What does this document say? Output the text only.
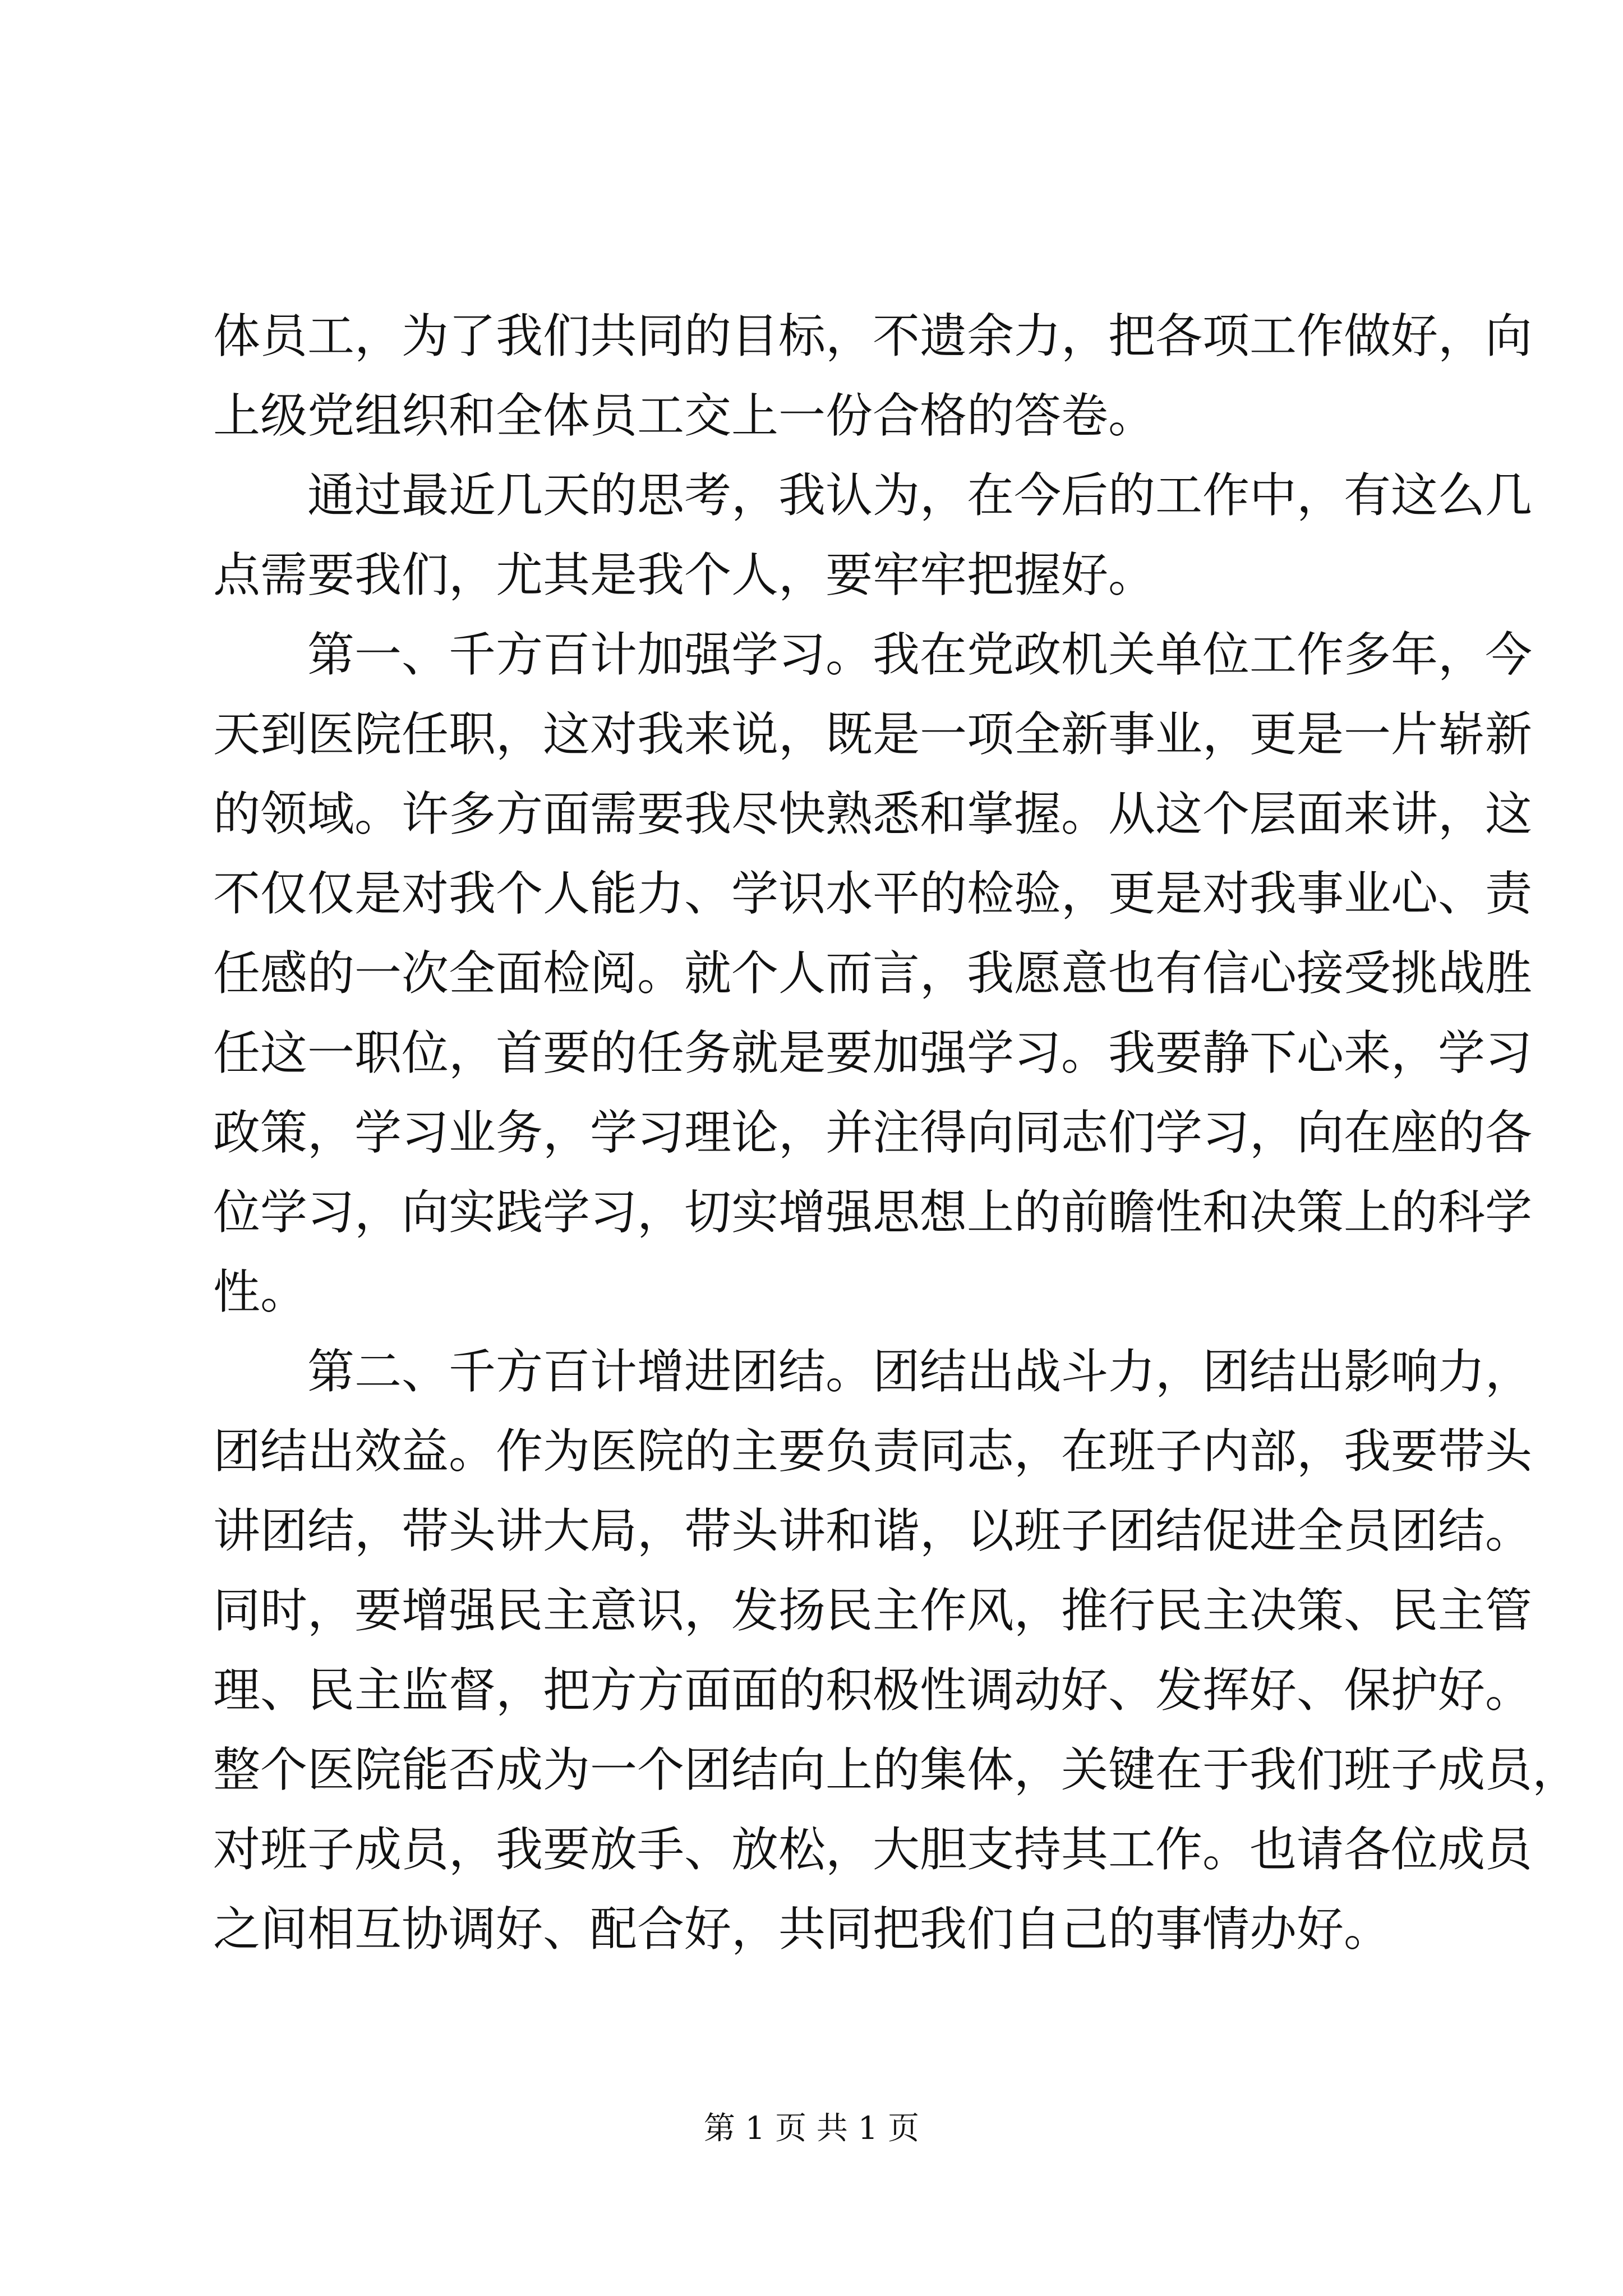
体员工，为了我们共同的目标，不遗余力，把各项工作做好，向
上级党组织和全体员工交上一份合格的答卷。
通过最近几天的思考，我认为，在今后的工作中，有这么几
点需要我们，尤其是我个人，要牢牢把握好。
第一、千方百计加强学习。我在党政机关单位工作多年，今
天到医院任职，这对我来说，既是一项全新事业，更是一片崭新
的领域。许多方面需要我尽快熟悉和掌握。从这个层面来讲，这
不仅仅是对我个人能力、学识水平的检验，更是对我事业心、责
任感的一次全面检阅。就个人而言，我愿意也有信心接受挑战胜
任这一职位，首要的任务就是要加强学习。我要静下心来，学习
政策，学习业务，学习理论，并注得向同志们学习，向在座的各
位学习，向实践学习，切实增强思想上的前瞻性和决策上的科学
性。
第二、千方百计增进团结。团结出战斗力，团结出影响力，
团结出效益。作为医院的主要负责同志，在班子内部，我要带头
讲团结，带头讲大局，带头讲和谐，以班子团结促进全员团结。
同时，要增强民主意识，发扬民主作风，推行民主决策、民主管
理、民主监督，把方方面面的积极性调动好、发挥好、保护好。
整个医院能否成为一个团结向上的集体，关键在于我们班子成员，
对班子成员，我要放手、放松，大胆支持其工作。也请各位成员
之间相互协调好、配合好，共同把我们自己的事情办好。
第 1 页 共 1 页
